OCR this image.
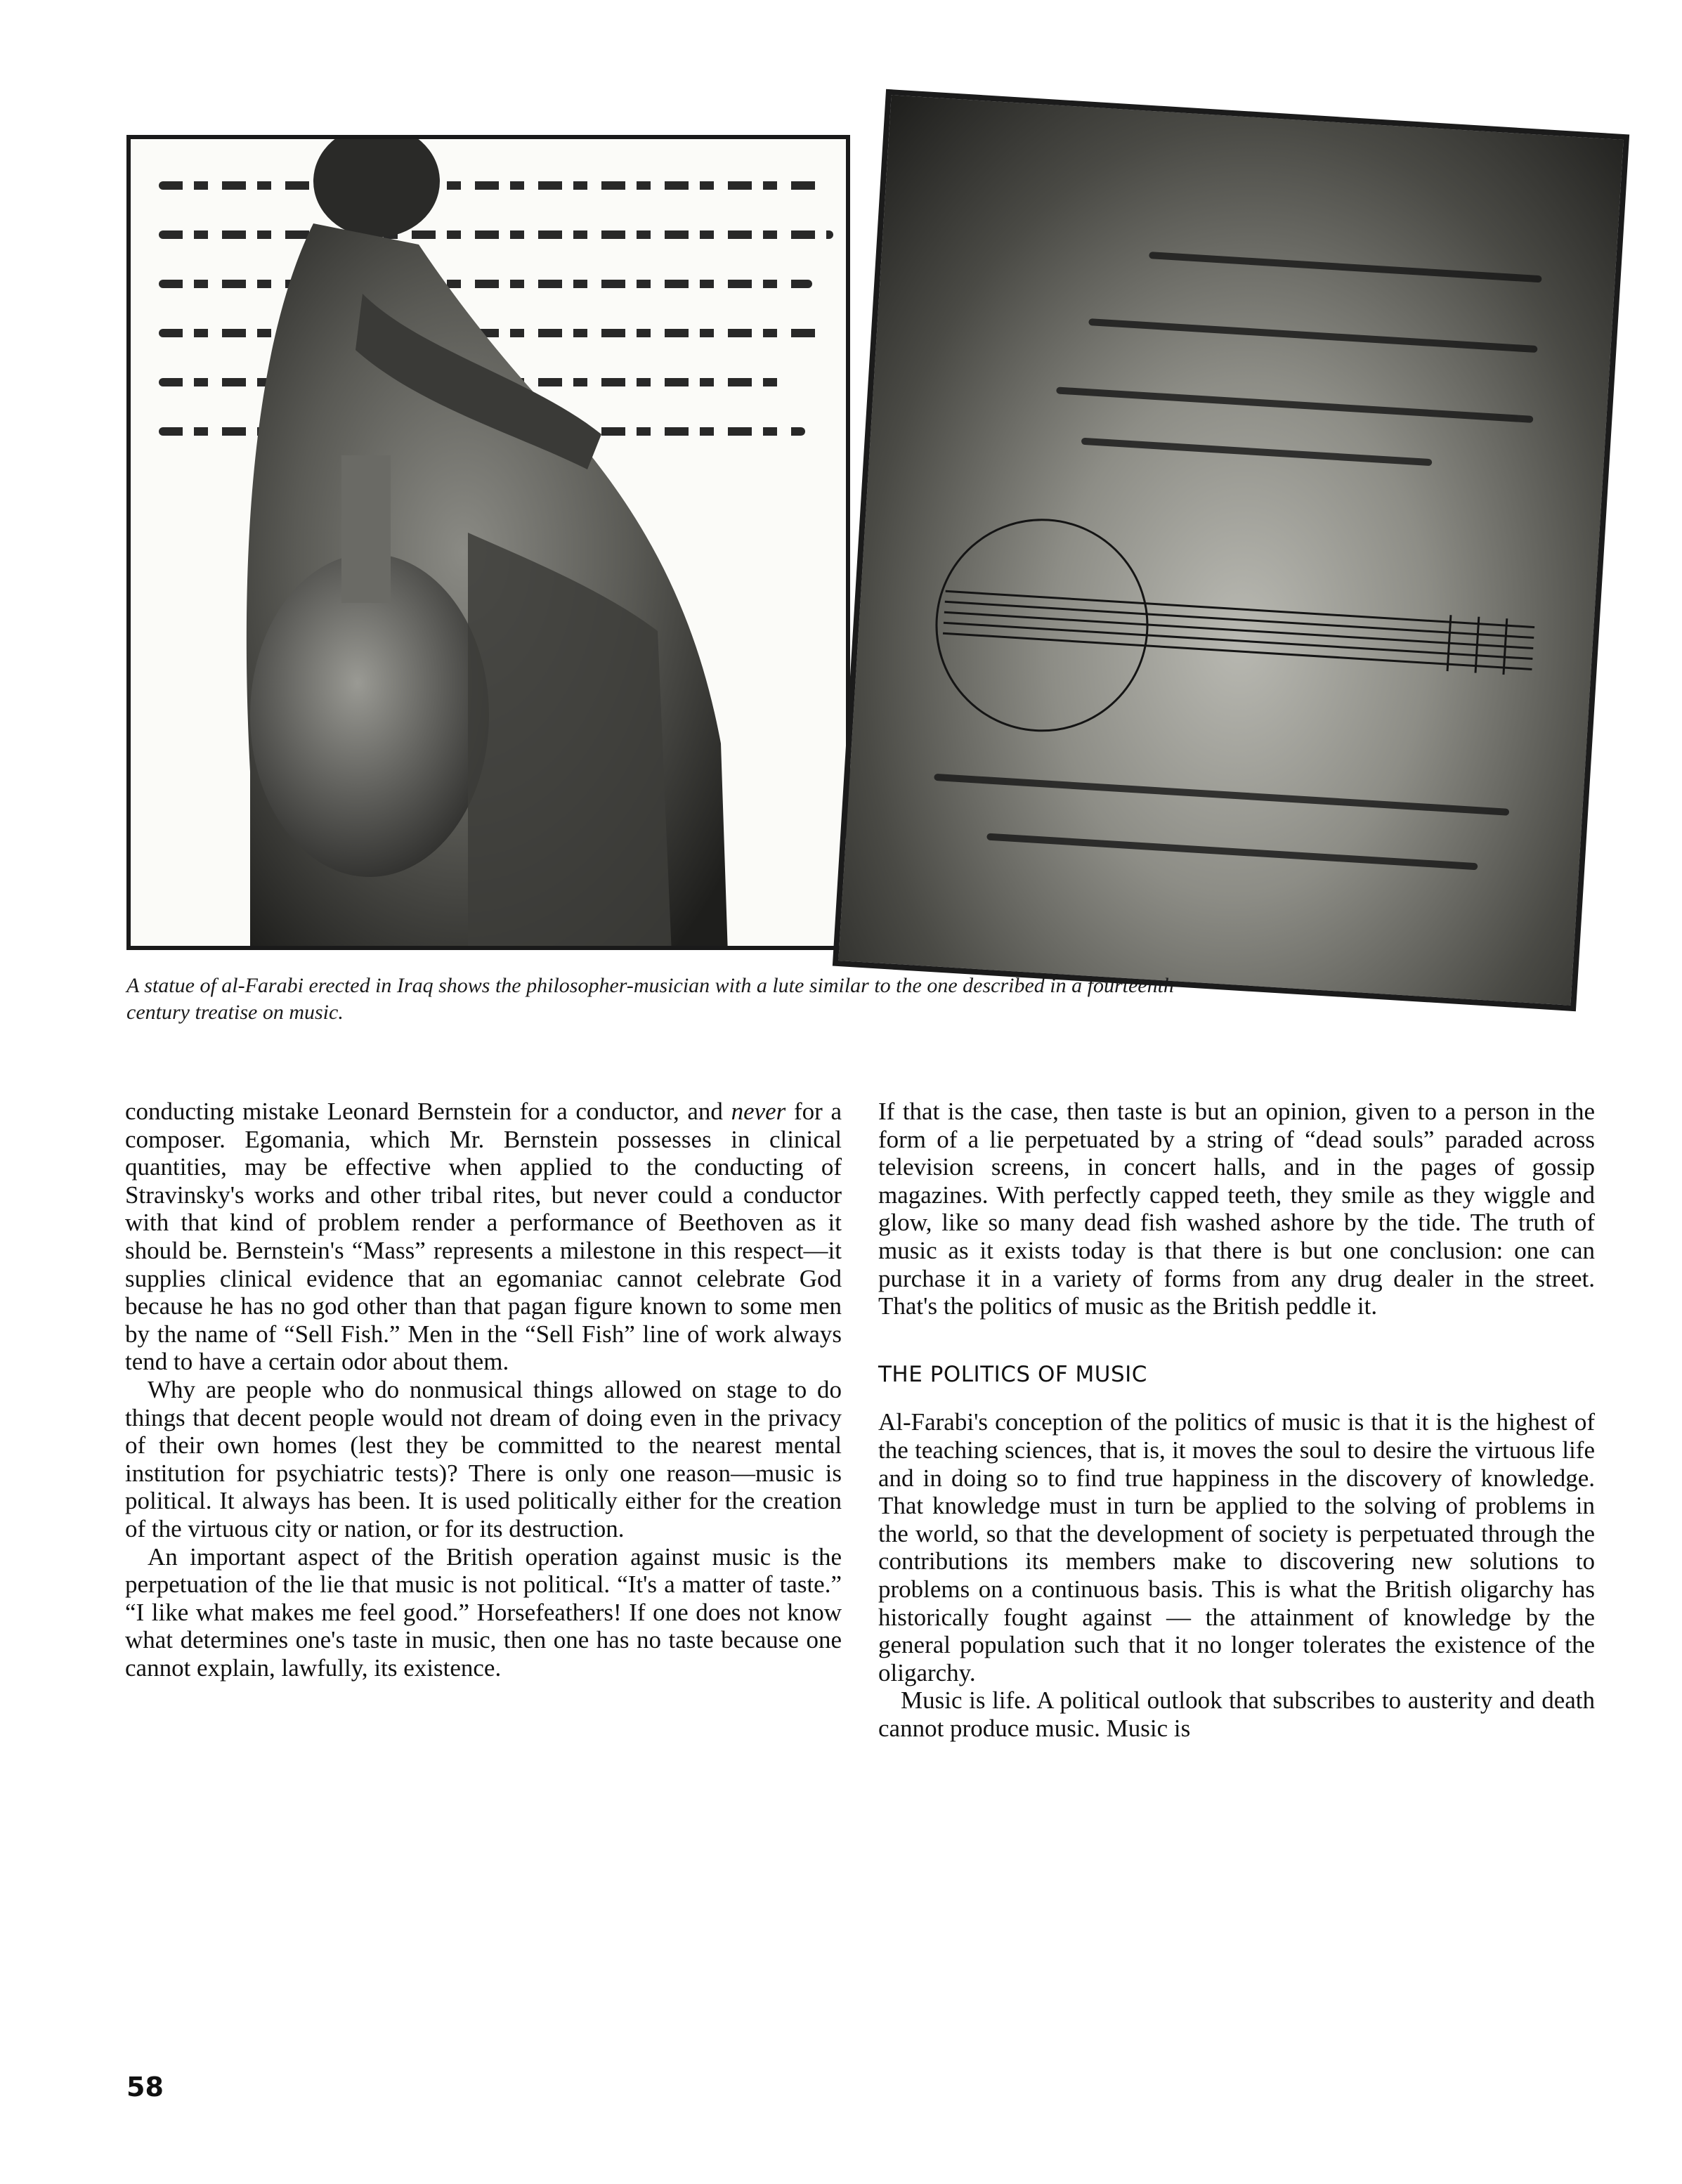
A statue of al-Farabi erected in Iraq shows the philosopher-musician with a lute similar to the one described in a fourteenth century treatise on music.

conducting mistake Leonard Bernstein for a conductor, and never for a composer. Egomania, which Mr. Bernstein possesses in clinical quantities, may be effective when applied to the conducting of Stravinsky's works and other tribal rites, but never could a conductor with that kind of problem render a performance of Beethoven as it should be. Bernstein's “Mass” represents a milestone in this respect—it supplies clinical evidence that an egomaniac cannot celebrate God because he has no god other than that pagan figure known to some men by the name of “Sell Fish.” Men in the “Sell Fish” line of work always tend to have a certain odor about them.

Why are people who do nonmusical things allowed on stage to do things that decent people would not dream of doing even in the privacy of their own homes (lest they be committed to the nearest mental institution for psychiatric tests)? There is only one reason—music is political. It always has been. It is used politically either for the creation of the virtuous city or nation, or for its destruction.

An important aspect of the British operation against music is the perpetuation of the lie that music is not political. “It's a matter of taste.” “I like what makes me feel good.” Horsefeathers! If one does not know what determines one's taste in music, then one has no taste because one cannot explain, lawfully, its existence.

If that is the case, then taste is but an opinion, given to a person in the form of a lie perpetuated by a string of “dead souls” paraded across television screens, in concert halls, and in the pages of gossip magazines. With perfectly capped teeth, they smile as they wiggle and glow, like so many dead fish washed ashore by the tide. The truth of music as it exists today is that there is but one conclusion: one can purchase it in a variety of forms from any drug dealer in the street. That's the politics of music as the British peddle it.

THE POLITICS OF MUSIC

Al-Farabi's conception of the politics of music is that it is the highest of the teaching sciences, that is, it moves the soul to desire the virtuous life and in doing so to find true happiness in the discovery of knowledge. That knowledge must in turn be applied to the solving of problems in the world, so that the development of society is perpetuated through the contributions its members make to discovering new solutions to problems on a continuous basis. This is what the British oligarchy has historically fought against — the attainment of knowledge by the general population such that it no longer tolerates the existence of the oligarchy.

Music is life. A political outlook that subscribes to austerity and death cannot produce music. Music is

58
